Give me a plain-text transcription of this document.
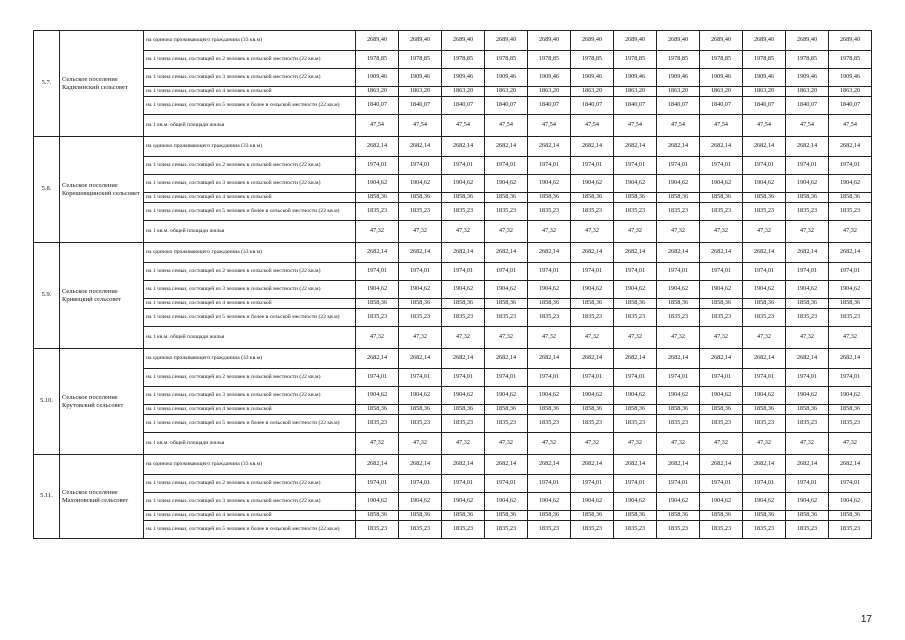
5.7.	Сельское поселение Кадилинский сельсовет	на одиноко проживающего гражданина (33 кв.м)	2689,40	2689,40	2689,40	2689,40	2689,40	2689,40	2689,40	2689,40	2689,40	2689,40	2689,40	2689,40
		на 1 члена семьи, состоящей из 2 человек в сельской местности (22 кв.м)	1978,85	1978,85	1978,85	1978,85	1978,85	1978,85	1978,85	1978,85	1978,85	1978,85	1978,85	1978,85
		на 1 члена семьи, состоящей из 3 человек в сельской местности (22 кв.м)	1909,46	1909,46	1909,46	1909,46	1909,46	1909,46	1909,46	1909,46	1909,46	1909,46	1909,46	1909,46
		на 1 члена семьи, состоящей из 4 человек в сельской	1863,20	1863,20	1863,20	1863,20	1863,20	1863,20	1863,20	1863,20	1863,20	1863,20	1863,20	1863,20
		на 1 члена семьи, состоящей из 5 человек и более в сельской местности (22 кв.м)	1840,07	1840,07	1840,07	1840,07	1840,07	1840,07	1840,07	1840,07	1840,07	1840,07	1840,07	1840,07
		на 1 кв.м. общей площади жилья	47,54	47,54	47,54	47,54	47,54	47,54	47,54	47,54	47,54	47,54	47,54	47,54
5.8.	Сельское поселение Корешевщинский сельсовет	на одиноко проживающего гражданина (33 кв.м)	2682,14	2682,14	2682,14	2682,14	2682,14	2682,14	2682,14	2682,14	2682,14	2682,14	2682,14	2682,14
		на 1 члена семьи, состоящей из 2 человек в сельской местности (22 кв.м)	1974,01	1974,01	1974,01	1974,01	1974,01	1974,01	1974,01	1974,01	1974,01	1974,01	1974,01	1974,01
		на 1 члена семьи, состоящей из 3 человек в сельской местности (22 кв.м)	1904,62	1904,62	1904,62	1904,62	1904,62	1904,62	1904,62	1904,62	1904,62	1904,62	1904,62	1904,62
		на 1 члена семьи, состоящей из 4 человек в сельской	1858,36	1858,36	1858,36	1858,36	1858,36	1858,36	1858,36	1858,36	1858,36	1858,36	1858,36	1858,36
		на 1 члена семьи, состоящей из 5 человек и более в сельской местности (22 кв.м)	1835,23	1835,23	1835,23	1835,23	1835,23	1835,23	1835,23	1835,23	1835,23	1835,23	1835,23	1835,23
		на 1 кв.м. общей площади жилья	47,32	47,32	47,32	47,32	47,32	47,32	47,32	47,32	47,32	47,32	47,32	47,32
5.9.	Сельское поселение Кривецкий сельсовет	на одиноко проживающего гражданина (33 кв.м)	2682,14	2682,14	2682,14	2682,14	2682,14	2682,14	2682,14	2682,14	2682,14	2682,14	2682,14	2682,14
		на 1 члена семьи, состоящей из 2 человек в сельской местности (22 кв.м)	1974,01	1974,01	1974,01	1974,01	1974,01	1974,01	1974,01	1974,01	1974,01	1974,01	1974,01	1974,01
		на 1 члена семьи, состоящей из 3 человек в сельской местности (22 кв.м)	1904,62	1904,62	1904,62	1904,62	1904,62	1904,62	1904,62	1904,62	1904,62	1904,62	1904,62	1904,62
		на 1 члена семьи, состоящей из 4 человек в сельской	1858,36	1858,36	1858,36	1858,36	1858,36	1858,36	1858,36	1858,36	1858,36	1858,36	1858,36	1858,36
		на 1 члена семьи, состоящей из 5 человек и более в сельской местности (22 кв.м)	1835,23	1835,23	1835,23	1835,23	1835,23	1835,23	1835,23	1835,23	1835,23	1835,23	1835,23	1835,23
		на 1 кв.м. общей площади жилья	47,32	47,32	47,32	47,32	47,32	47,32	47,32	47,32	47,32	47,32	47,32	47,32
5.10.	Сельское поселение Крутовский сельсовет	на одиноко проживающего гражданина (33 кв.м)	2682,14	2682,14	2682,14	2682,14	2682,14	2682,14	2682,14	2682,14	2682,14	2682,14	2682,14	2682,14
		на 1 члена семьи, состоящей из 2 человек в сельской местности (22 кв.м)	1974,01	1974,01	1974,01	1974,01	1974,01	1974,01	1974,01	1974,01	1974,01	1974,01	1974,01	1974,01
		на 1 члена семьи, состоящей из 3 человек в сельской местности (22 кв.м)	1904,62	1904,62	1904,62	1904,62	1904,62	1904,62	1904,62	1904,62	1904,62	1904,62	1904,62	1904,62
		на 1 члена семьи, состоящей из 4 человек в сельской	1858,36	1858,36	1858,36	1858,36	1858,36	1858,36	1858,36	1858,36	1858,36	1858,36	1858,36	1858,36
		на 1 члена семьи, состоящей из 5 человек и более в сельской местности (22 кв.м)	1835,23	1835,23	1835,23	1835,23	1835,23	1835,23	1835,23	1835,23	1835,23	1835,23	1835,23	1835,23
		на 1 кв.м. общей площади жилья	47,32	47,32	47,32	47,32	47,32	47,32	47,32	47,32	47,32	47,32	47,32	47,32
5.11.	Сельское поселение Махоновский сельсовет	на одиноко проживающего гражданина (33 кв.м)	2682,14	2682,14	2682,14	2682,14	2682,14	2682,14	2682,14	2682,14	2682,14	2682,14	2682,14	2682,14
		на 1 члена семьи, состоящей из 2 человек в сельской местности (22 кв.м)	1974,01	1974,01	1974,01	1974,01	1974,01	1974,01	1974,01	1974,01	1974,01	1974,01	1974,01	1974,01
		на 1 члена семьи, состоящей из 3 человек в сельской местности (22 кв.м)	1904,62	1904,62	1904,62	1904,62	1904,62	1904,62	1904,62	1904,62	1904,62	1904,62	1904,62	1904,62
		на 1 члена семьи, состоящей из 4 человек в сельской	1858,36	1858,36	1858,36	1858,36	1858,36	1858,36	1858,36	1858,36	1858,36	1858,36	1858,36	1858,36
		на 1 члена семьи, состоящей из 5 человек и более в сельской местности (22 кв.м)	1835,23	1835,23	1835,23	1835,23	1835,23	1835,23	1835,23	1835,23	1835,23	1835,23	1835,23	1835,23
17
